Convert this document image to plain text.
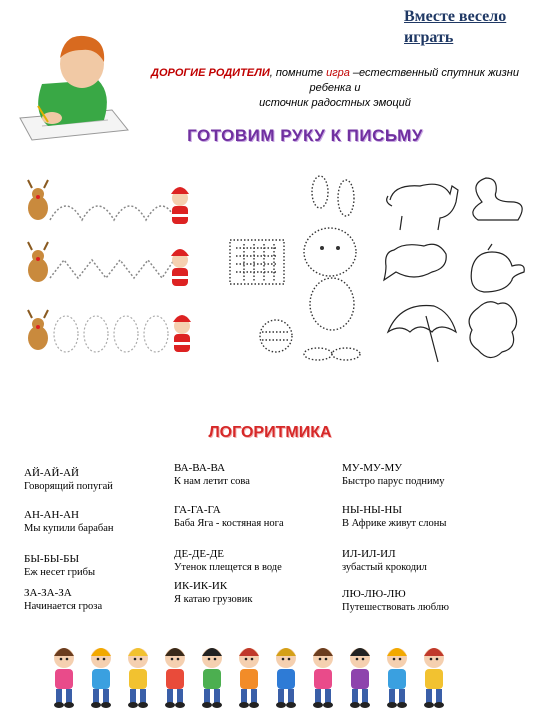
Вместе весело
играть
ДОРОГИЕ РОДИТЕЛИ, помните игра –естественный спутник жизни ребенка и
источник радостных эмоций
ГОТОВИМ РУКУ К ПИСЬМУ
ЛОГОРИТМИКА
АЙ-АЙ-АЙ
Говорящий попугай
АН-АН-АН
Мы купили барабан
БЫ-БЫ-БЫ
Еж несет грибы
ЗА-ЗА-ЗА
Начинается гроза
ВА-ВА-ВА
К нам летит сова
ГА-ГА-ГА
Баба Яга - костяная нога
ДЕ-ДЕ-ДЕ
Утенок плещется в воде
ИК-ИК-ИК
Я катаю грузовик
МУ-МУ-МУ
Быстро парус подниму
НЫ-НЫ-НЫ
В Африке живут слоны
ИЛ-ИЛ-ИЛ
зубастый крокодил
ЛЮ-ЛЮ-ЛЮ
Путешествовать люблю
